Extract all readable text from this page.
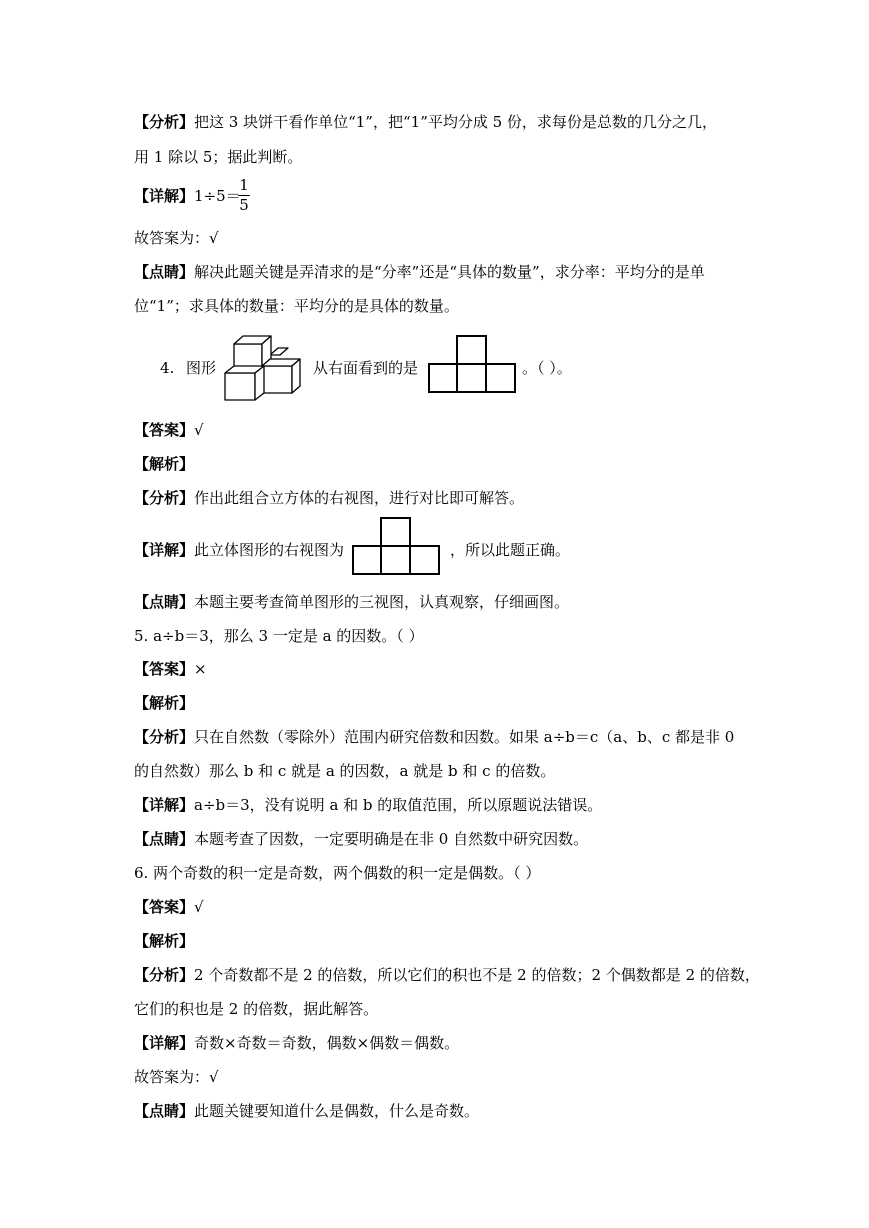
【分析】把这 3 块饼干看作单位“1”，把“1”平均分成 5 份，求每份是总数的几分之几，
用 1 除以 5；据此判断。
【详解】1÷5＝
1
5
故答案为：√
【点睛】解决此题关键是弄清求的是“分率”还是“具体的数量”，求分率：平均分的是单
位“1”；求具体的数量：平均分的是具体的数量。
4. 图形	从右面看到的是	。（ ）。
【答案】√
【解析】
【分析】作出此组合立方体的右视图，进行对比即可解答。
【详解】此立体图形的右视图为	，所以此题正确。
【点睛】本题主要考查简单图形的三视图，认真观察，仔细画图。
5. a÷b＝3，那么 3 一定是 a 的因数。（ ）
【答案】×
【解析】
【分析】只在自然数（零除外）范围内研究倍数和因数。如果 a÷b＝c（a、b、c 都是非 0
的自然数）那么 b 和 c 就是 a 的因数，a 就是 b 和 c 的倍数。
【详解】a÷b＝3，没有说明 a 和 b 的取值范围，所以原题说法错误。
【点睛】本题考查了因数，一定要明确是在非 0 自然数中研究因数。
6. 两个奇数的积一定是奇数，两个偶数的积一定是偶数。（ ）
【答案】√
【解析】
【分析】2 个奇数都不是 2 的倍数，所以它们的积也不是 2 的倍数；2 个偶数都是 2 的倍数，
它们的积也是 2 的倍数，据此解答。
【详解】奇数×奇数＝奇数，偶数×偶数＝偶数。
故答案为：√
【点睛】此题关键要知道什么是偶数，什么是奇数。
